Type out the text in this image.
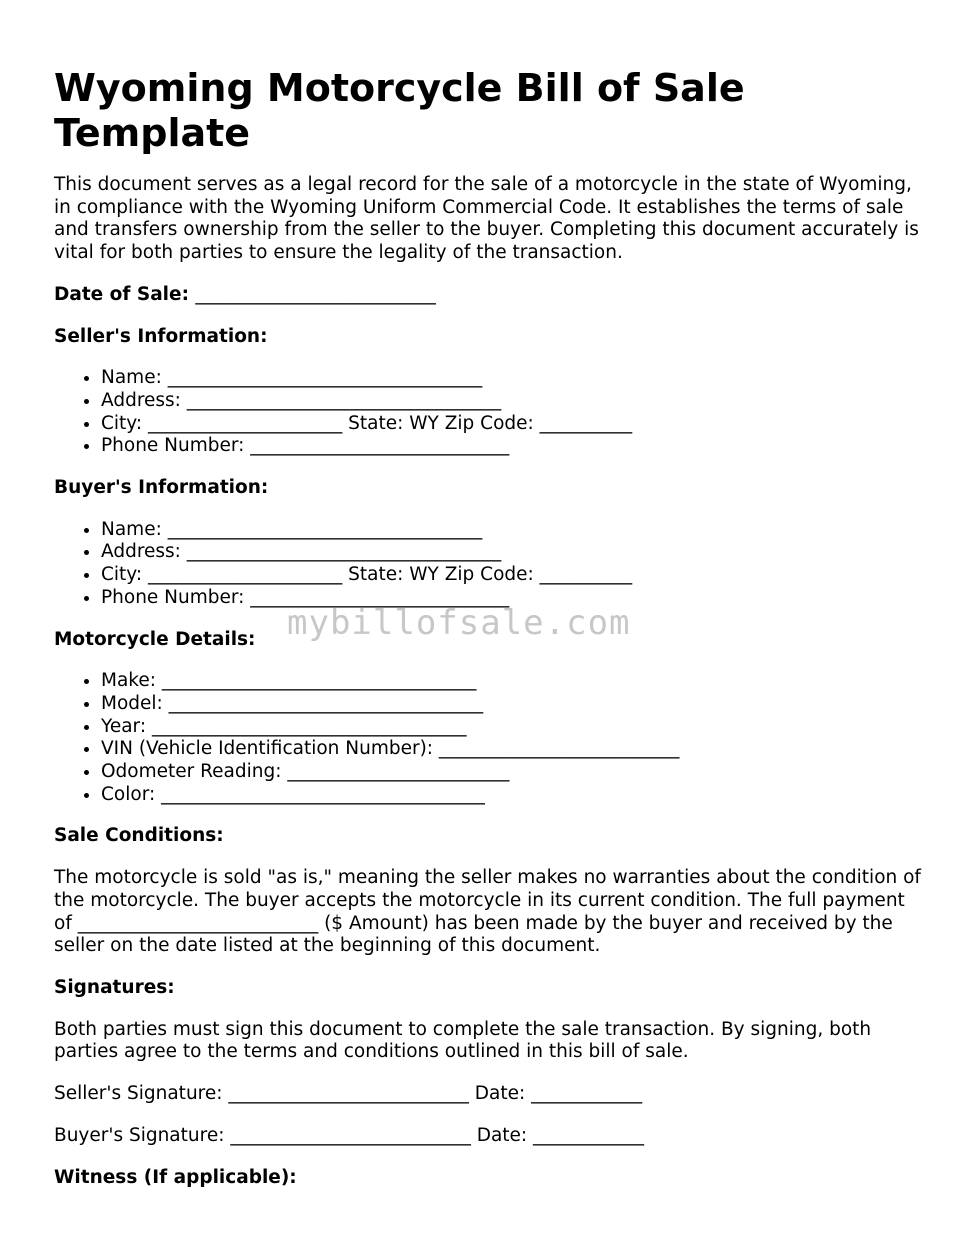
Wyoming Motorcycle Bill of Sale Template

This document serves as a legal record for the sale of a motorcycle in the state of Wyoming, in compliance with the Wyoming Uniform Commercial Code. It establishes the terms of sale and transfers ownership from the seller to the buyer. Completing this document accurately is vital for both parties to ensure the legality of the transaction.

Date of Sale: __________________________
Seller's Information:
• Name: __________________________________
• Address: __________________________________
• City: _____________________ State: WY Zip Code: __________
• Phone Number: ____________________________
Buyer's Information:
• Name: __________________________________
• Address: __________________________________
• City: _____________________ State: WY Zip Code: __________
• Phone Number: ____________________________
Motorcycle Details:
• Make: __________________________________
• Model: __________________________________
• Year: __________________________________
• VIN (Vehicle Identification Number): __________________________
• Odometer Reading: ________________________
• Color: ___________________________________
Sale Conditions:

The motorcycle is sold "as is," meaning the seller makes no warranties about the condition of the motorcycle. The buyer accepts the motorcycle in its current condition. The full payment of __________________________ ($ Amount) has been made by the buyer and received by the seller on the date listed at the beginning of this document.

Signatures:

Both parties must sign this document to complete the sale transaction. By signing, both parties agree to the terms and conditions outlined in this bill of sale.

Seller's Signature: __________________________ Date: ____________

Buyer's Signature: __________________________ Date: ____________

Witness (If applicable):
mybillofsale.com
